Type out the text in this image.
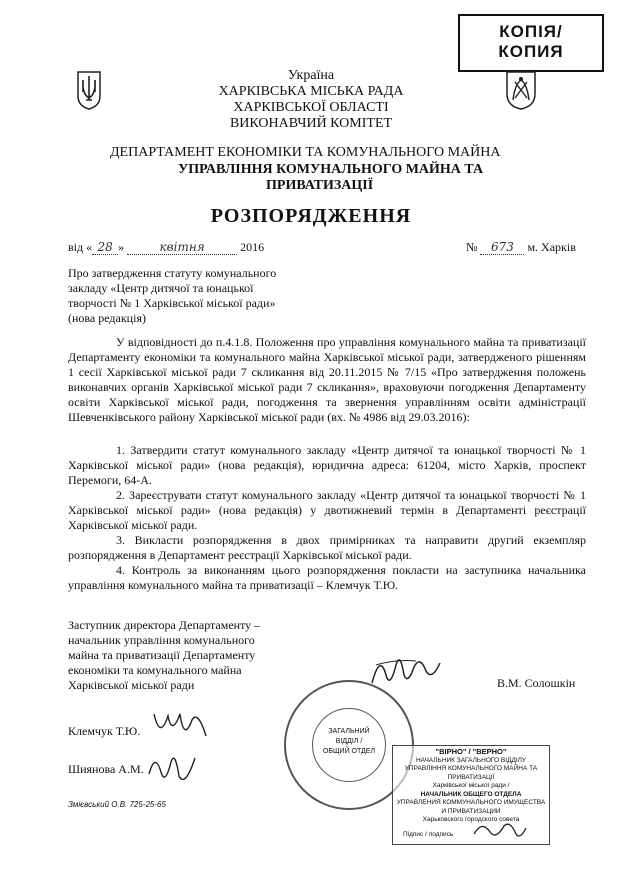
КОПІЯ/
КОПИЯ
Україна
ХАРКІВСЬКА МІСЬКА РАДА
ХАРКІВСЬКОЇ ОБЛАСТІ
ВИКОНАВЧИЙ КОМІТЕТ
ДЕПАРТАМЕНТ ЕКОНОМІКИ ТА КОМУНАЛЬНОГО МАЙНА
УПРАВЛІННЯ КОМУНАЛЬНОГО МАЙНА ТА
ПРИВАТИЗАЦІЇ
РОЗПОРЯДЖЕННЯ
від « 28 »	квітня	2016	№ 673 м. Харків
Про затвердження статуту комунального
закладу «Центр дитячої та юнацької
творчості № 1 Харківської міської ради»
(нова редакція)

У відповідності до п.4.1.8. Положення про управління комунального майна та приватизації Департаменту економіки та комунального майна Харківської міської ради, затвердженого рішенням 1 сесії Харківської міської ради 7 скликання від 20.11.2015 № 7/15 «Про затвердження положень виконавчих органів Харківської міської ради 7 скликання», враховуючи погодження Департаменту освіти Харківської міської ради, погодження та звернення управлінням освіти адміністрації Шевченківського району Харківської міської ради (вх. № 4986 від 29.03.2016):

1. Затвердити статут комунального закладу «Центр дитячої та юнацької творчості № 1 Харківської міської ради» (нова редакція), юридична адреса: 61204, місто Харків, проспект Перемоги, 64-А.

2. Зареєструвати статут комунального закладу «Центр дитячої та юнацької творчості № 1 Харківської міської ради» (нова редакція) у двотижневий термін в Департаменті реєстрації Харківської міської ради.

3. Викласти розпорядження в двох примірниках та направити другий екземпляр розпорядження в Департамент реєстрації Харківської міської ради.

4. Контроль за виконанням цього розпорядження покласти на заступника начальника управління комунального майна та приватизації – Клемчук Т.Ю.

Заступник директора Департаменту –
начальник управління комунального
майна та приватизації Департаменту
економіки та комунального майна
Харківської міської ради	В.М. Солошкін
Клемчук Т.Ю.
Шиянова А.М.
Змієвський О.В. 725-25-65
ЗАГАЛЬНИЙ
ВІДДІЛ /
ОБЩИЙ ОТДЕЛ	"ВІРНО" / "ВЕРНО"
НАЧАЛЬНИК ЗАГАЛЬНОГО ВІДДІЛУ
УПРАВЛІННЯ КОМУНАЛЬНОГО МАЙНА ТА ПРИВАТИЗАЦІЇ
Харківської міської ради /
НАЧАЛЬНИК ОБЩЕГО ОТДЕЛА
УПРАВЛЕНИЯ КОММУНАЛЬНОГО ИМУЩЕСТВА И ПРИВАТИЗАЦИИ
Харьковского городского совета
Підпис / подпись
